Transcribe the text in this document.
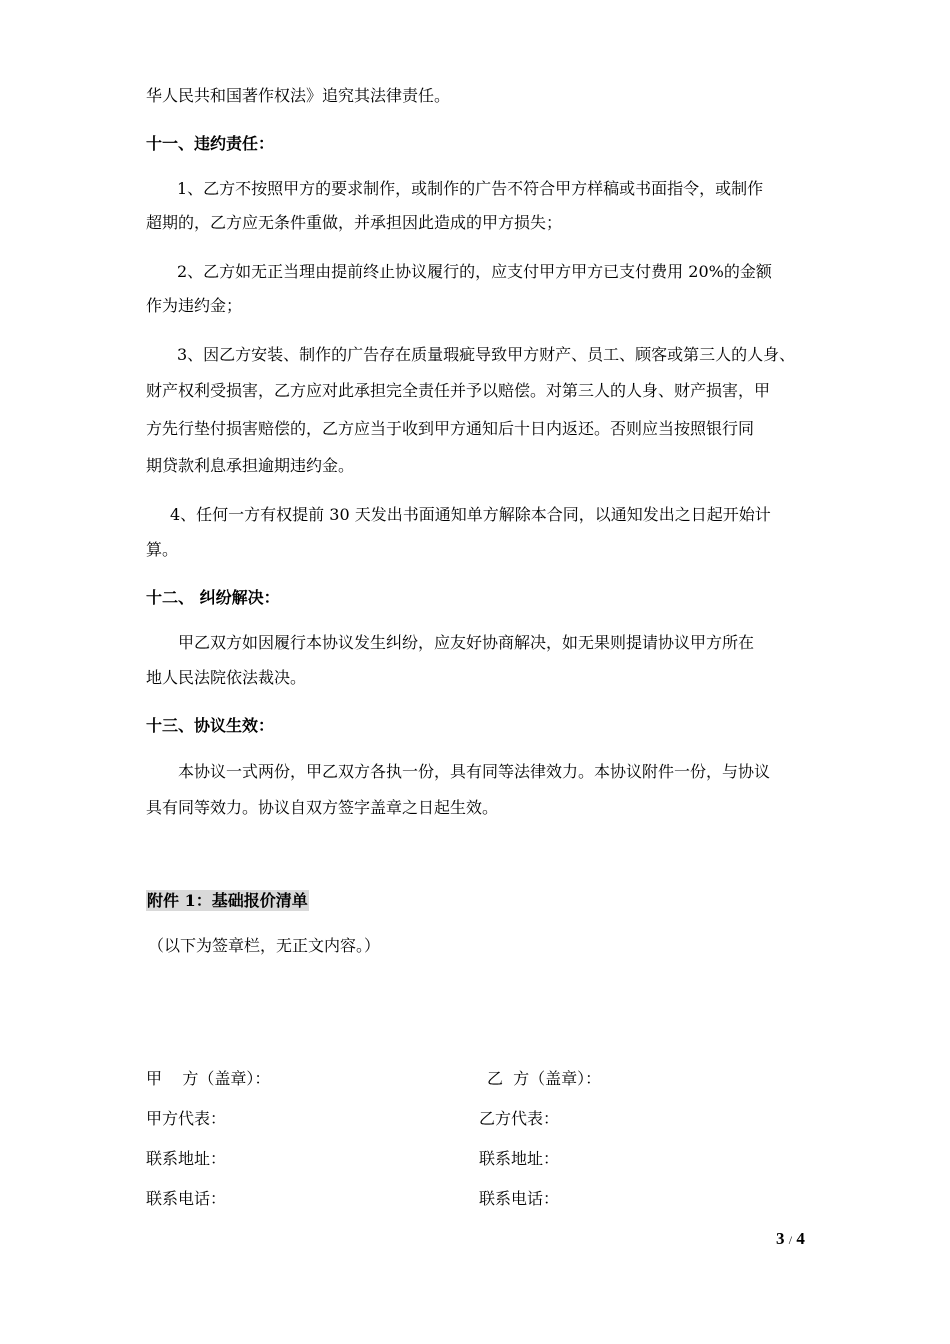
华人民共和国著作权法》追究其法律责任。
十一、违约责任：
1、乙方不按照甲方的要求制作，或制作的广告不符合甲方样稿或书面指令，或制作
超期的，乙方应无条件重做，并承担因此造成的甲方损失；
2、乙方如无正当理由提前终止协议履行的，应支付甲方甲方已支付费用 20%的金额
作为违约金；
3、因乙方安装、制作的广告存在质量瑕疵导致甲方财产、员工、顾客或第三人的人身、
财产权利受损害，乙方应对此承担完全责任并予以赔偿。对第三人的人身、财产损害，甲
方先行垫付损害赔偿的，乙方应当于收到甲方通知后十日内返还。否则应当按照银行同
期贷款利息承担逾期违约金。
4、任何一方有权提前 30 天发出书面通知单方解除本合同，以通知发出之日起开始计
算。
十二、 纠纷解决：
甲乙双方如因履行本协议发生纠纷，应友好协商解决，如无果则提请协议甲方所在
地人民法院依法裁决。
十三、协议生效：
本协议一式两份，甲乙双方各执一份，具有同等法律效力。本协议附件一份，与协议
具有同等效力。协议自双方签字盖章之日起生效。
附件 1：基础报价清单
（以下为签章栏，无正文内容。）
甲    方（盖章）：	乙  方（盖章）：
甲方代表：	乙方代表：
联系地址：	联系地址：
联系电话：	联系电话：
3 / 4
